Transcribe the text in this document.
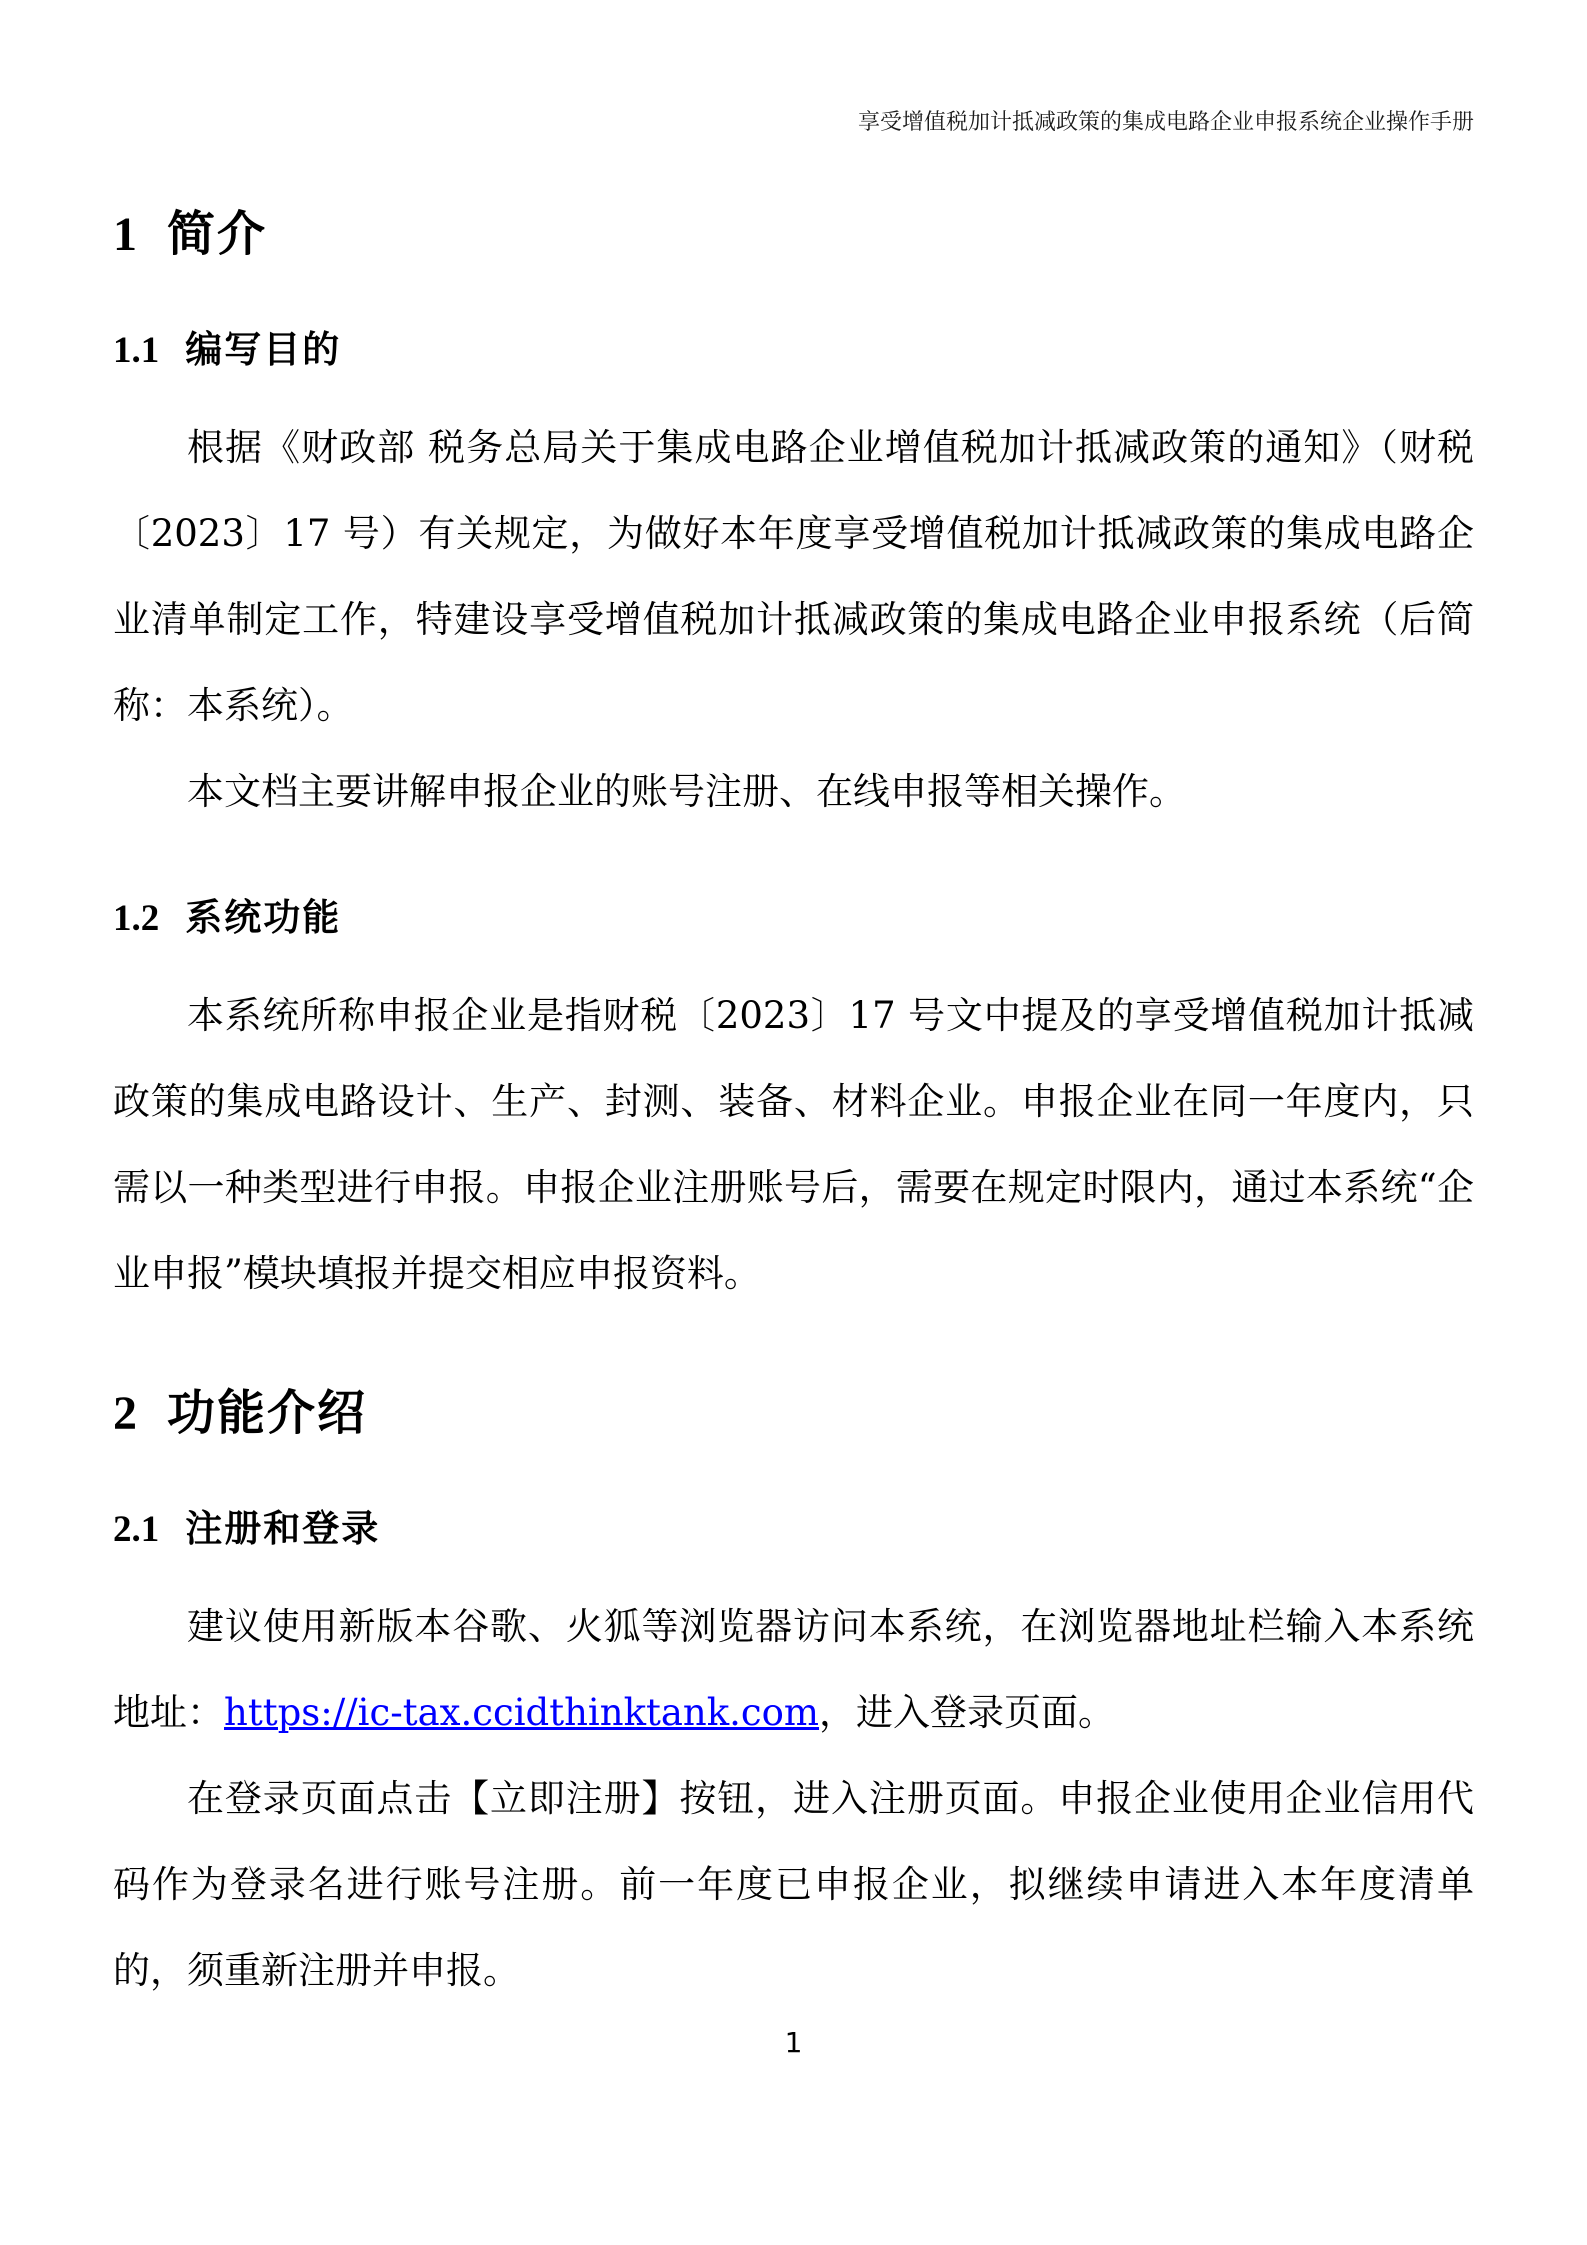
享受增值税加计抵减政策的集成电路企业申报系统企业操作手册
1 简介
1.1 编写目的

根据《财政部 税务总局关于集成电路企业增值税加计抵减政策的通知》（财税〔2023〕17 号）有关规定，为做好本年度享受增值税加计抵减政策的集成电路企业清单制定工作，特建设享受增值税加计抵减政策的集成电路企业申报系统（后简称：本系统）。

本文档主要讲解申报企业的账号注册、在线申报等相关操作。

1.2 系统功能

本系统所称申报企业是指财税〔2023〕17 号文中提及的享受增值税加计抵减政策的集成电路设计、生产、封测、装备、材料企业。申报企业在同一年度内，只需以一种类型进行申报。申报企业注册账号后，需要在规定时限内，通过本系统“企业申报”模块填报并提交相应申报资料。

2 功能介绍
2.1 注册和登录

建议使用新版本谷歌、火狐等浏览器访问本系统，在浏览器地址栏输入本系统地址：https://ic-tax.ccidthinktank.com，进入登录页面。

在登录页面点击【立即注册】按钮，进入注册页面。申报企业使用企业信用代码作为登录名进行账号注册。前一年度已申报企业，拟继续申请进入本年度清单的，须重新注册并申报。

1
